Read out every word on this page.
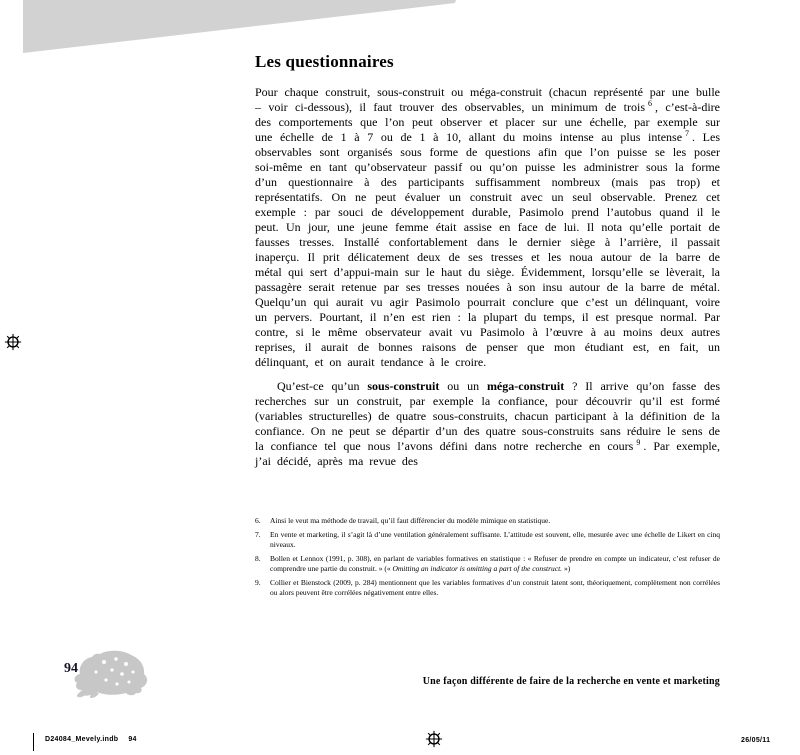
Les questionnaires

Pour chaque construit, sous-construit ou méga-construit (chacun représenté par une bulle – voir ci-dessous), il faut trouver des observables, un minimum de trois $^6$ , c’est-à-dire des comportements que l’on peut observer et placer sur une échelle, par exemple sur une échelle de 1 à 7 ou de 1 à 10, allant du moins intense au plus intense $^7$ . Les observables sont organisés sous forme de questions afin que l’on puisse se les poser soi-même en tant qu’observateur passif ou qu’on puisse les administrer sous la forme d’un questionnaire à des participants suffisamment nombreux (mais pas trop) et représentatifs. On ne peut évaluer un construit avec un seul observable. Prenez cet exemple : par souci de développement durable, Pasimolo prend l’autobus quand il le peut. Un jour, une jeune femme était assise en face de lui. Il nota qu’elle portait de fausses tresses. Installé confortablement dans le dernier siège à l’arrière, il passait inaperçu. Il prit délicatement deux de ses tresses et les noua autour de la barre de métal qui sert d’appui-main sur le haut du siège. Évidemment, lorsqu’elle se lèverait, la passagère serait retenue par ses tresses nouées à son insu autour de la barre de métal. Quelqu’un qui aurait vu agir Pasimolo pourrait conclure que c’est un délinquant, voire un pervers. Pourtant, il n’en est rien : la plupart du temps, il est presque normal. Par contre, si le même observateur avait vu Pasimolo à l’œuvre à au moins deux autres reprises, il aurait de bonnes raisons de penser que mon étudiant est, en fait, un délinquant, et on aurait tendance à le croire.

Qu’est-ce qu’un sous-construit ou un méga-construit ? Il arrive qu’on fasse des recherches sur un construit, par exemple la confiance, pour découvrir qu’il est formé (variables structurelles) de quatre sous-construits, chacun participant à la définition de la confiance. On ne peut se départir d’un des quatre sous-construits sans réduire le sens de la confiance tel que nous l’avons défini dans notre recherche en cours $^9$ . Par exemple, j’ai décidé, après ma revue des

6.	Ainsi le veut ma méthode de travail, qu’il faut différencier du modèle mimique en statistique.
7.	En vente et marketing, il s’agit là d’une ventilation généralement suffisante. L’attitude est souvent, elle, mesurée avec une échelle de Likert en cinq niveaux.
8.	Bollen et Lennox (1991, p. 308), en parlant de variables formatives en statistique : « Refuser de prendre en compte un indicateur, c’est refuser de comprendre une partie du construit. » (« Omitting an indicator is omitting a part of the construct. »)
9.	Collier et Bienstock (2009, p. 284) mentionnent que les variables formatives d’un construit latent sont, théoriquement, complètement non corrélées ou alors peuvent être corrélées négativement entre elles.
94
Une façon différente de faire de la recherche en vente et marketing
D24084_Mevely.indb 94	26/05/11
